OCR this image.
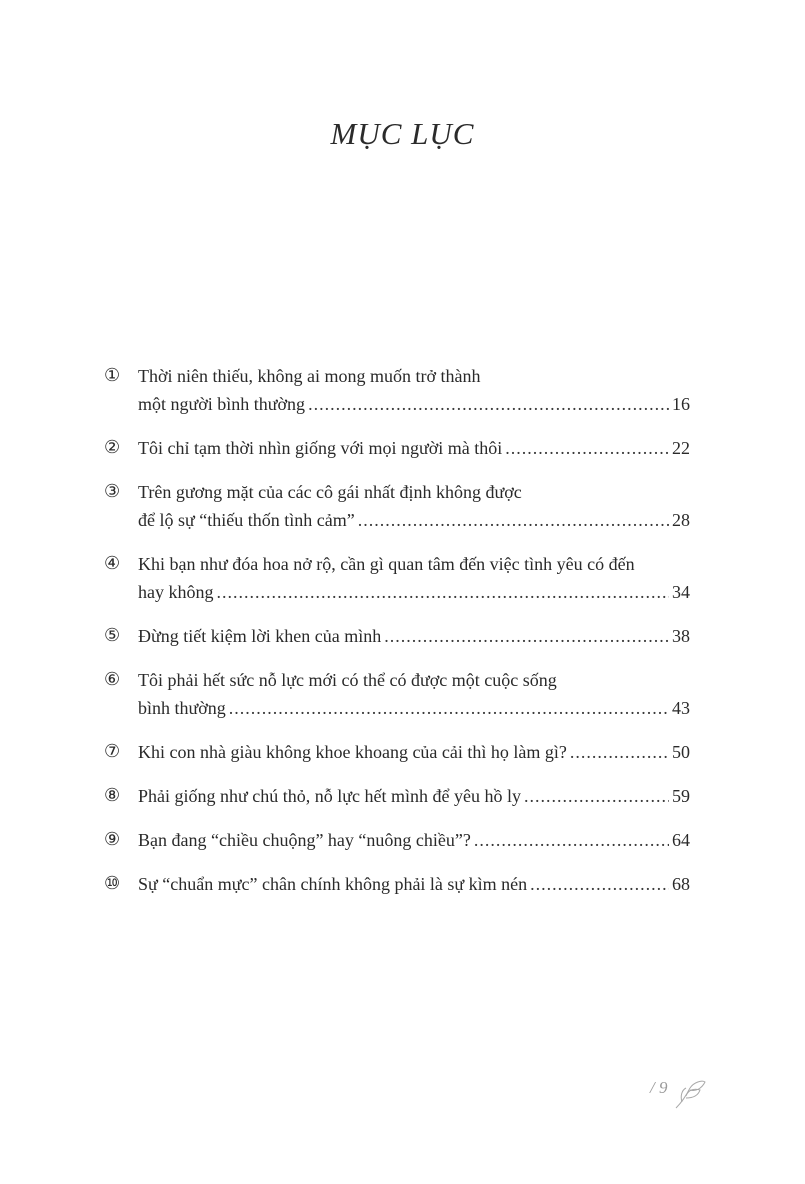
MỤC LỤC
① Thời niên thiếu, không ai mong muốn trở thành
một người bình thường .....	16
② Tôi chỉ tạm thời nhìn giống với mọi người mà thôi .....	22
③ Trên gương mặt của các cô gái nhất định không được
để lộ sự “thiếu thốn tình cảm” .....	28
④ Khi bạn như đóa hoa nở rộ, cần gì quan tâm đến việc tình yêu có đến
hay không .....	34
⑤ Đừng tiết kiệm lời khen của mình .....	38
⑥ Tôi phải hết sức nỗ lực mới có thể có được một cuộc sống
bình thường .....	43
⑦ Khi con nhà giàu không khoe khoang của cải thì họ làm gì? .....	50
⑧ Phải giống như chú thỏ, nỗ lực hết mình để yêu hồ ly .....	59
⑨ Bạn đang “chiều chuộng” hay “nuông chiều”? .....	64
⑩ Sự “chuẩn mực” chân chính không phải là sự kìm nén .....	68
/ 9
